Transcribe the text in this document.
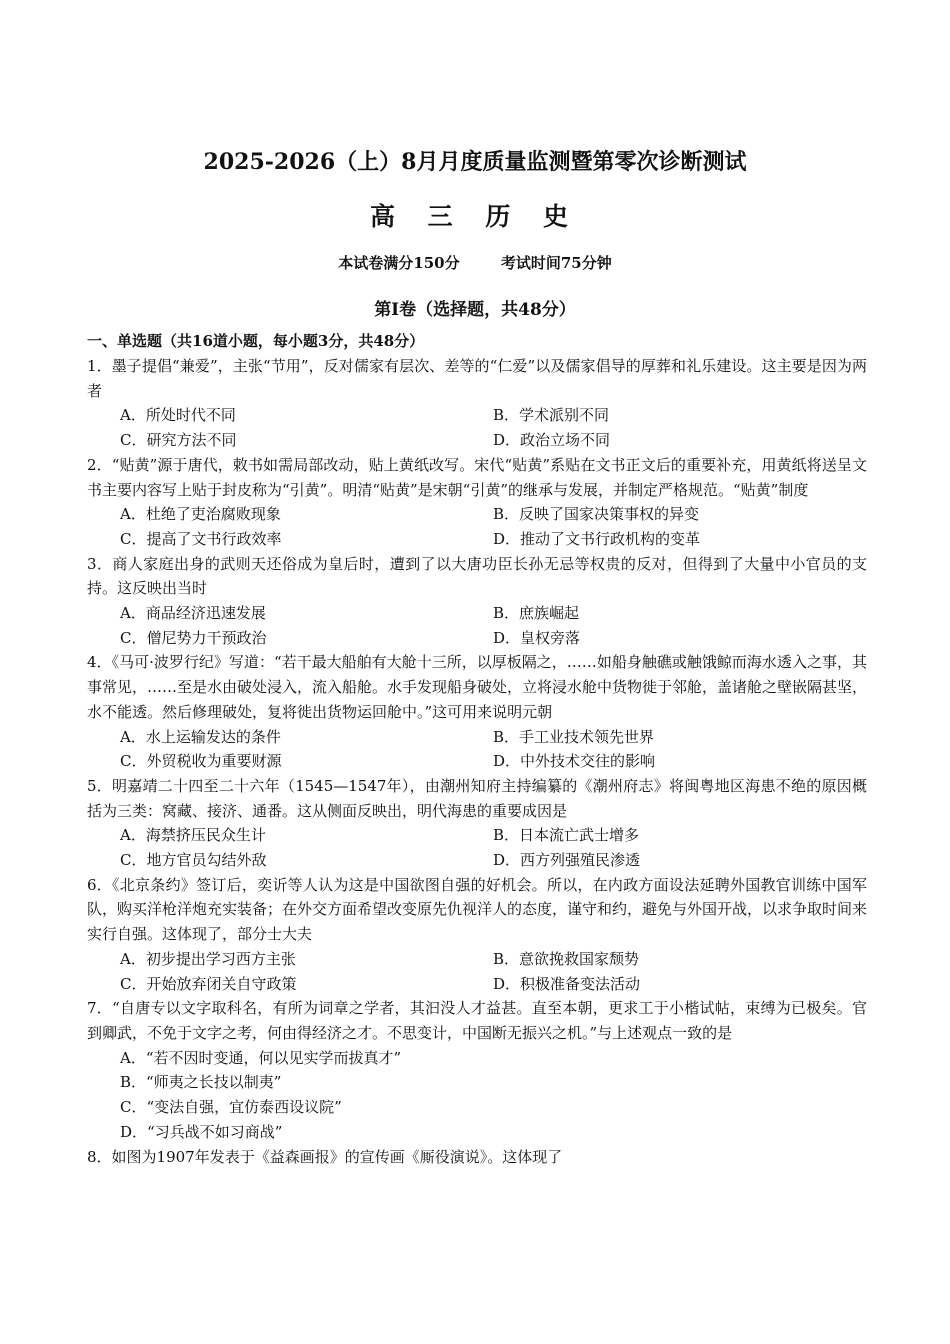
2025-2026（上）8月月度质量监测暨第零次诊断测试
高 三 历 史
本试卷满分150分	考试时间75分钟
第Ⅰ卷（选择题，共48分）
一、单选题（共16道小题，每小题3分，共48分）

1．墨子提倡“兼爱”，主张“节用”，反对儒家有层次、差等的“仁爱”以及儒家倡导的厚葬和礼乐建设。这主要是因为两者

A．所处时代不同	B．学术派别不同
C．研究方法不同	D．政治立场不同

2．“贴黄”源于唐代，敕书如需局部改动，贴上黄纸改写。宋代“贴黄”系贴在文书正文后的重要补充，用黄纸将送呈文书主要内容写上贴于封皮称为“引黄”。明清“贴黄”是宋朝“引黄”的继承与发展，并制定严格规范。“贴黄”制度

A．杜绝了吏治腐败现象	B．反映了国家决策事权的异变
C．提高了文书行政效率	D．推动了文书行政机构的变革

3．商人家庭出身的武则天还俗成为皇后时，遭到了以大唐功臣长孙无忌等权贵的反对，但得到了大量中小官员的支持。这反映出当时

A．商品经济迅速发展	B．庶族崛起
C．僧尼势力干预政治	D．皇权旁落

4．《马可·波罗行纪》写道：“若干最大船舶有大舱十三所，以厚板隔之，……如船身触礁或触饿鲸而海水透入之事，其事常见，……至是水由破处浸入，流入船舱。水手发现船身破处，立将浸水舱中货物徙于邻舱，盖诸舱之壁嵌隔甚坚，水不能透。然后修理破处，复将徙出货物运回舱中。”这可用来说明元朝

A．水上运输发达的条件	B．手工业技术领先世界
C．外贸税收为重要财源	D．中外技术交往的影响

5．明嘉靖二十四至二十六年（1545—1547年），由潮州知府主持编纂的《潮州府志》将闽粤地区海患不绝的原因概括为三类：窝藏、接济、通番。这从侧面反映出，明代海患的重要成因是

A．海禁挤压民众生计	B．日本流亡武士增多
C．地方官员勾结外敌	D．西方列强殖民渗透

6．《北京条约》签订后，奕䜣等人认为这是中国欲图自强的好机会。所以，在内政方面设法延聘外国教官训练中国军队，购买洋枪洋炮充实装备；在外交方面希望改变原先仇视洋人的态度，谨守和约，避免与外国开战，以求争取时间来实行自强。这体现了，部分士大夫

A．初步提出学习西方主张	B．意欲挽救国家颓势
C．开始放弃闭关自守政策	D．积极准备变法活动

7．“自唐专以文字取科名，有所为词章之学者，其汩没人才益甚。直至本朝，更求工于小楷试帖，束缚为已极矣。官到卿武，不免于文字之考，何由得经济之才。不思变计，中国断无振兴之机。”与上述观点一致的是

A．“若不因时变通，何以见实学而拔真才”
B．“师夷之长技以制夷”
C．“变法自强，宜仿泰西设议院”
D．“习兵战不如习商战”

8．如图为1907年发表于《益森画报》的宣传画《厮役演说》。这体现了
